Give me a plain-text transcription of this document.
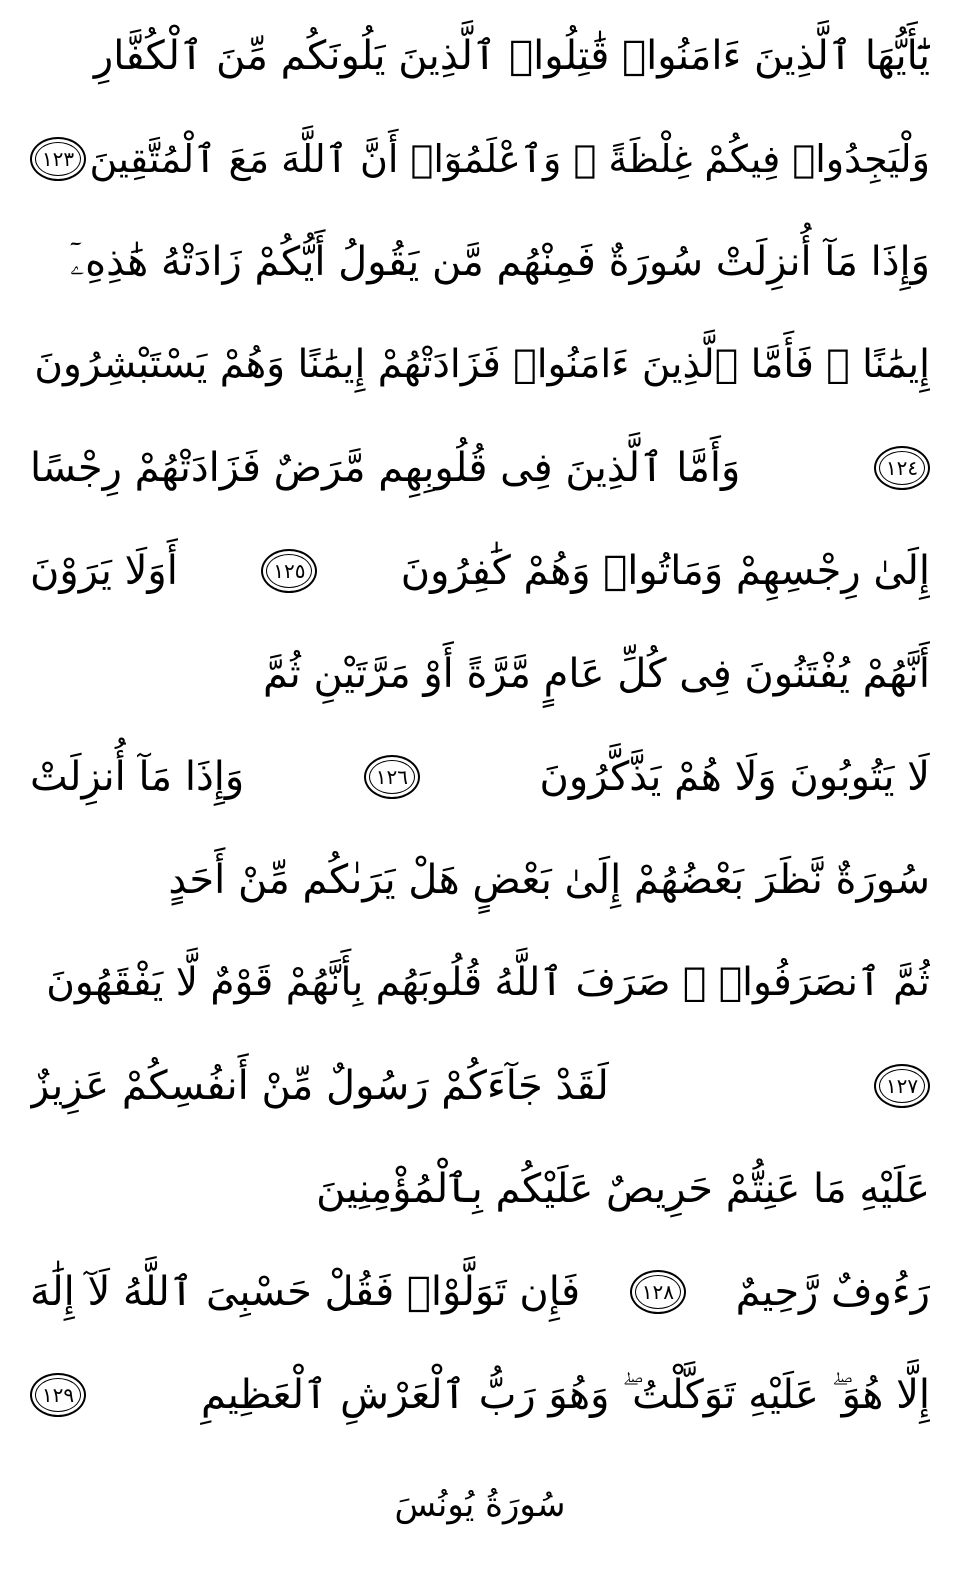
يَٰٓأَيُّهَا ٱلَّذِينَ ءَامَنُوا۟ قَٰتِلُوا۟ ٱلَّذِينَ يَلُونَكُم مِّنَ ٱلْكُفَّارِ
وَلْيَجِدُوا۟ فِيكُمْ غِلْظَةً ۚ وَٱعْلَمُوٓا۟ أَنَّ ٱللَّهَ مَعَ ٱلْمُتَّقِينَ
١٢٣
وَإِذَا مَآ أُنزِلَتْ سُورَةٌ فَمِنْهُم مَّن يَقُولُ أَيُّكُمْ زَادَتْهُ هَٰذِهِۦٓ
إِيمَٰنًا ۚ فَأَمَّا ٱلَّذِينَ ءَامَنُوا۟ فَزَادَتْهُمْ إِيمَٰنًا وَهُمْ يَسْتَبْشِرُونَ
١٢٤
وَأَمَّا ٱلَّذِينَ فِى قُلُوبِهِم مَّرَضٌ فَزَادَتْهُمْ رِجْسًا
إِلَىٰ رِجْسِهِمْ وَمَاتُوا۟ وَهُمْ كَٰفِرُونَ
١٢٥
أَوَلَا يَرَوْنَ
أَنَّهُمْ يُفْتَنُونَ فِى كُلِّ عَامٍ مَّرَّةً أَوْ مَرَّتَيْنِ ثُمَّ
لَا يَتُوبُونَ وَلَا هُمْ يَذَّكَّرُونَ
١٢٦
وَإِذَا مَآ أُنزِلَتْ
سُورَةٌ نَّظَرَ بَعْضُهُمْ إِلَىٰ بَعْضٍ هَلْ يَرَىٰكُم مِّنْ أَحَدٍ
ثُمَّ ٱنصَرَفُوا۟ ۚ صَرَفَ ٱللَّهُ قُلُوبَهُم بِأَنَّهُمْ قَوْمٌ لَّا يَفْقَهُونَ
١٢٧
لَقَدْ جَآءَكُمْ رَسُولٌ مِّنْ أَنفُسِكُمْ عَزِيزٌ
عَلَيْهِ مَا عَنِتُّمْ حَرِيصٌ عَلَيْكُم بِٱلْمُؤْمِنِينَ
رَءُوفٌ رَّحِيمٌ
١٢٨
فَإِن تَوَلَّوْا۟ فَقُلْ حَسْبِىَ ٱللَّهُ لَآ إِلَٰهَ
إِلَّا هُوَ ۖ عَلَيْهِ تَوَكَّلْتُ ۖ وَهُوَ رَبُّ ٱلْعَرْشِ ٱلْعَظِيمِ
١٢٩
سُورَةُ يُونُسَ
